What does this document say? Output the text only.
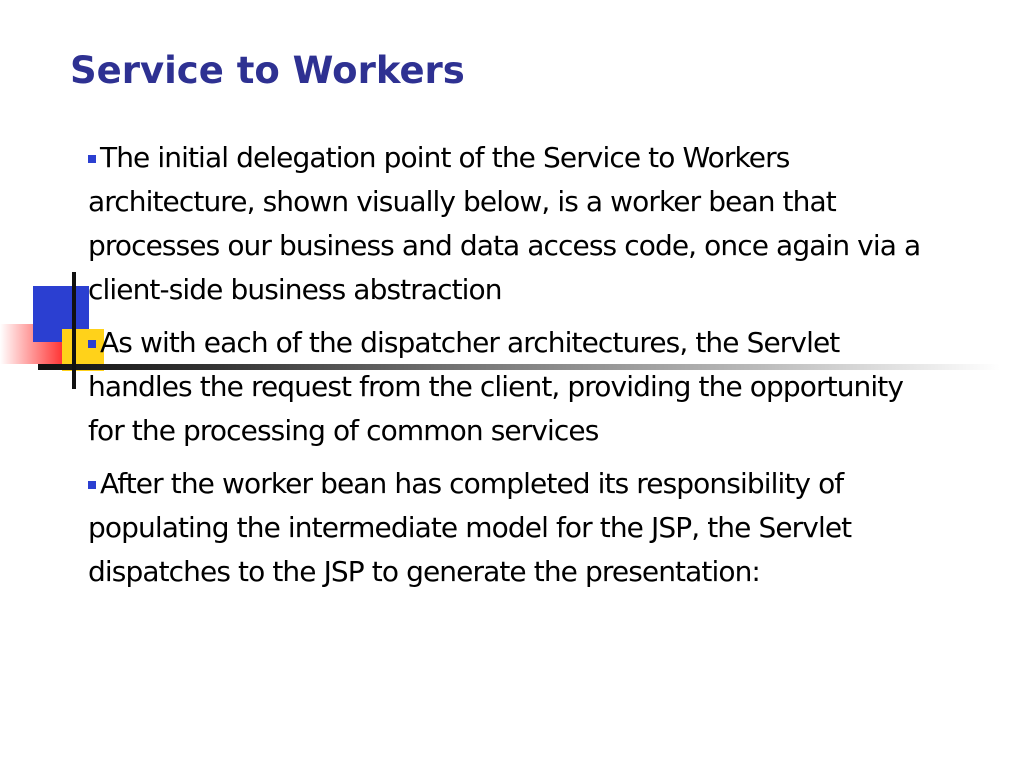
Service to Workers

The initial delegation point of the Service to Workers architecture, shown visually below, is a worker bean that processes our business and data access code, once again via a client-side business abstraction

As with each of the dispatcher architectures, the Servlet handles the request from the client, providing the opportunity for the processing of common services

After the worker bean has completed its responsibility of populating the intermediate model for the JSP, the Servlet dispatches to the JSP to generate the presentation:
